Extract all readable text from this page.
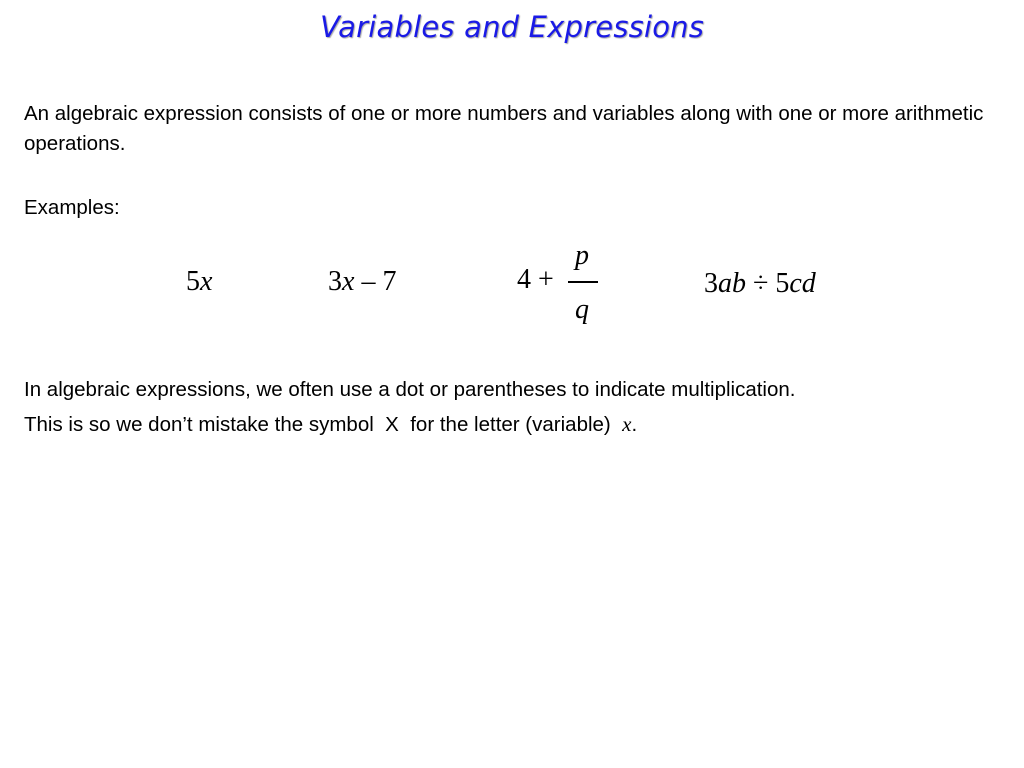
Variables and Expressions
An algebraic expression consists of one or more numbers and variables along with one or more arithmetic operations.
Examples:
5x	3x – 7	4 +
p
q
3ab ÷ 5cd
In algebraic expressions, we often use a dot or parentheses to indicate multiplication.
This is so we don’t mistake the symbol  X  for the letter (variable)  x.
